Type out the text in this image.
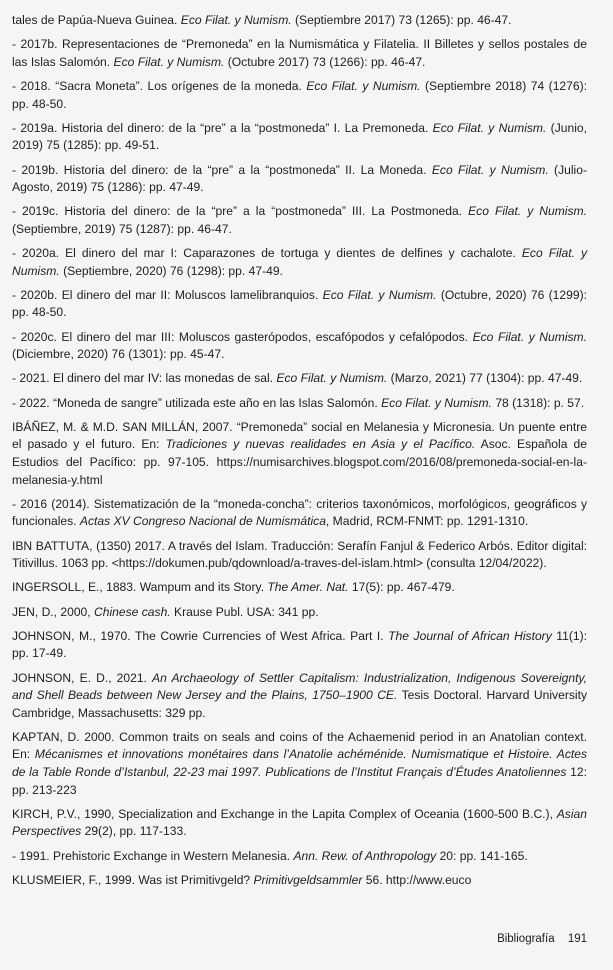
tales de Papúa-Nueva Guinea. Eco Filat. y Numism. (Septiembre 2017) 73 (1265): pp. 46-47.

- 2017b. Representaciones de “Premoneda” en la Numismática y Filatelia. II Billetes y sellos postales de las Islas Salomón. Eco Filat. y Numism. (Octubre 2017) 73 (1266): pp. 46-47.

- 2018. “Sacra Moneta”. Los orígenes de la moneda. Eco Filat. y Numism. (Septiembre 2018) 74 (1276): pp. 48-50.

- 2019a. Historia del dinero: de la “pre” a la “postmoneda” I. La Premoneda. Eco Filat. y Numism. (Junio, 2019) 75 (1285): pp. 49-51.

- 2019b. Historia del dinero: de la “pre” a la “postmoneda” II. La Moneda. Eco Filat. y Numism. (Julio-Agosto, 2019) 75 (1286): pp. 47-49.

- 2019c. Historia del dinero: de la “pre” a la “postmoneda” III. La Postmoneda. Eco Filat. y Numism. (Septiembre, 2019) 75 (1287): pp. 46-47.

- 2020a. El dinero del mar I: Caparazones de tortuga y dientes de delfines y cachalote. Eco Filat. y Numism. (Septiembre, 2020) 76 (1298): pp. 47-49.

- 2020b. El dinero del mar II: Moluscos lamelibranquios. Eco Filat. y Numism. (Octubre, 2020) 76 (1299): pp. 48-50.

- 2020c. El dinero del mar III: Moluscos gasterópodos, escafópodos y cefalópodos. Eco Filat. y Numism. (Diciembre, 2020) 76 (1301): pp. 45-47.

- 2021. El dinero del mar IV: las monedas de sal. Eco Filat. y Numism. (Marzo, 2021) 77 (1304): pp. 47-49.

- 2022. “Moneda de sangre” utilizada este año en las Islas Salomón. Eco Filat. y Numism. 78 (1318): p. 57.

IBÁÑEZ, M. & M.D. SAN MILLÁN, 2007. “Premoneda” social en Melanesia y Micronesia. Un puente entre el pasado y el futuro. En: Tradiciones y nuevas realidades en Asia y el Pacífico. Asoc. Española de Estudios del Pacífico: pp. 97-105. https://numisarchives.blogspot.com/2016/08/premoneda-social-en-la-melanesia-y.html

- 2016 (2014). Sistematización de la “moneda-concha”: criterios taxonómicos, morfológicos, geográficos y funcionales. Actas XV Congreso Nacional de Numismática, Madrid, RCM-FNMT: pp. 1291-1310.

IBN BATTUTA, (1350) 2017. A través del Islam. Traducción: Serafín Fanjul & Federico Arbós. Editor digital: Titivillus. 1063 pp. <https://dokumen.pub/qdownload/a-traves-del-islam.html> (consulta 12/04/2022).

INGERSOLL, E., 1883. Wampum and its Story. The Amer. Nat. 17(5): pp. 467-479.

JEN, D., 2000, Chinese cash. Krause Publ. USA: 341 pp.

JOHNSON, M., 1970. The Cowrie Currencies of West Africa. Part I. The Journal of African History 11(1): pp. 17-49.

JOHNSON, E. D., 2021. An Archaeology of Settler Capitalism: Industrialization, Indigenous Sovereignty, and Shell Beads between New Jersey and the Plains, 1750–1900 CE. Tesis Doctoral. Harvard University Cambridge, Massachusetts: 329 pp.

KAPTAN, D. 2000. Common traits on seals and coins of the Achaemenid period in an Anatolian context. En: Mécanismes et innovations monétaires dans l’Anatolie achéménide. Numismatique et Histoire. Actes de la Table Ronde d’Istanbul, 22-23 mai 1997. Publications de l’Institut Français d’Études Anatoliennes 12: pp. 213-223

KIRCH, P.V., 1990, Specialization and Exchange in the Lapita Complex of Oceania (1600-500 B.C.), Asian Perspectives 29(2), pp. 117-133.

- 1991. Prehistoric Exchange in Western Melanesia. Ann. Rew. of Anthropology 20: pp. 141-165.

KLUSMEIER, F., 1999. Was ist Primitivgeld? Primitivgeldsammler 56. http://www.euco

Bibliografía 191
